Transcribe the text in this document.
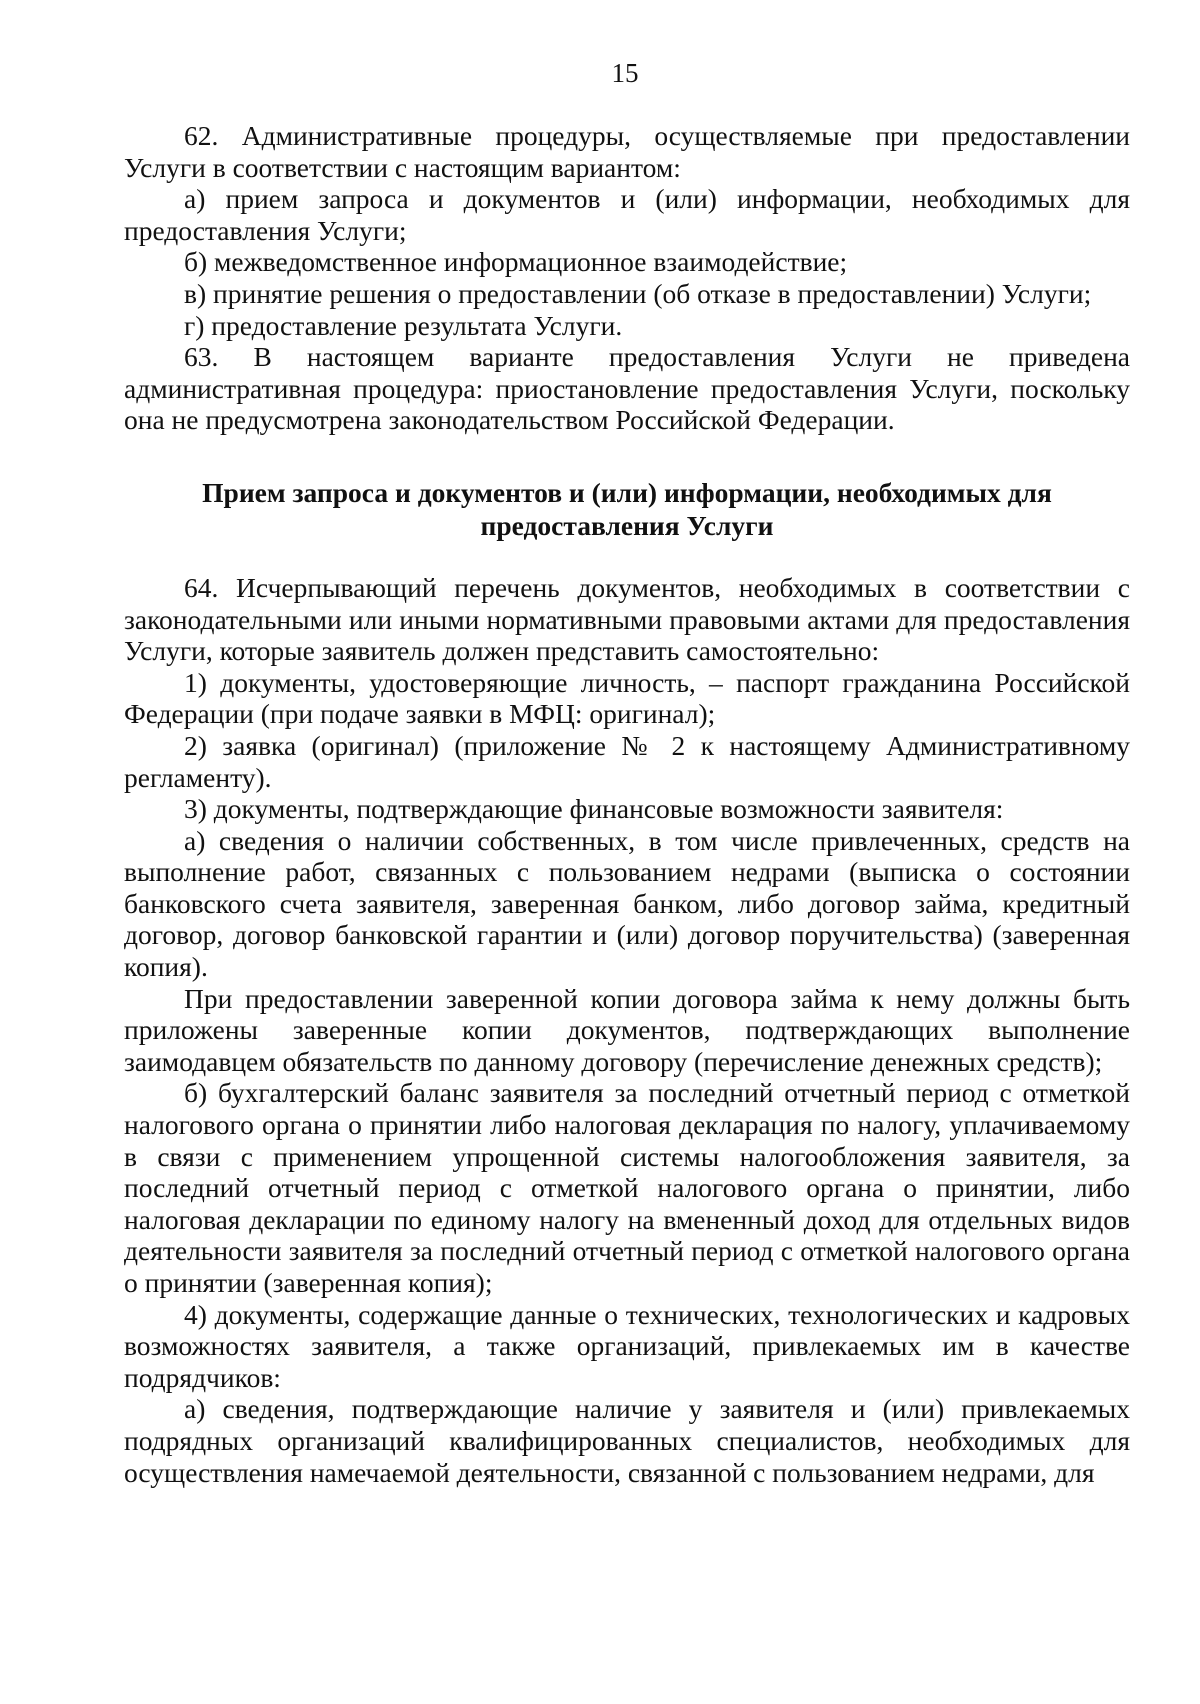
15

62. Административные процедуры, осуществляемые при предоставлении Услуги в соответствии с настоящим вариантом:

а) прием запроса и документов и (или) информации, необходимых для предоставления Услуги;

б) межведомственное информационное взаимодействие;

в) принятие решения о предоставлении (об отказе в предоставлении) Услуги;

г) предоставление результата Услуги.

63. В настоящем варианте предоставления Услуги не приведена административная процедура: приостановление предоставления Услуги, поскольку она не предусмотрена законодательством Российской Федерации.

Прием запроса и документов и (или) информации, необходимых для
предоставления Услуги

64. Исчерпывающий перечень документов, необходимых в соответствии с законодательными или иными нормативными правовыми актами для предоставления Услуги, которые заявитель должен представить самостоятельно:

1) документы, удостоверяющие личность, – паспорт гражданина Российской Федерации (при подаче заявки в МФЦ: оригинал);

2) заявка (оригинал) (приложение № 2 к настоящему Административному регламенту).

3) документы, подтверждающие финансовые возможности заявителя:

а) сведения о наличии собственных, в том числе привлеченных, средств на выполнение работ, связанных с пользованием недрами (выписка о состоянии банковского счета заявителя, заверенная банком, либо договор займа, кредитный договор, договор банковской гарантии и (или) договор поручительства) (заверенная копия).

При предоставлении заверенной копии договора займа к нему должны быть приложены заверенные копии документов, подтверждающих выполнение заимодавцем обязательств по данному договору (перечисление денежных средств);

б) бухгалтерский баланс заявителя за последний отчетный период с отметкой налогового органа о принятии либо налоговая декларация по налогу, уплачиваемому в связи с применением упрощенной системы налогообложения заявителя, за последний отчетный период с отметкой налогового органа о принятии, либо налоговая декларации по единому налогу на вмененный доход для отдельных видов деятельности заявителя за последний отчетный период с отметкой налогового органа о принятии (заверенная копия);

4) документы, содержащие данные о технических, технологических и кадровых возможностях заявителя, а также организаций, привлекаемых им в качестве подрядчиков:

а) сведения, подтверждающие наличие у заявителя и (или) привлекаемых подрядных организаций квалифицированных специалистов, необходимых для осуществления намечаемой деятельности, связанной с пользованием недрами, для
